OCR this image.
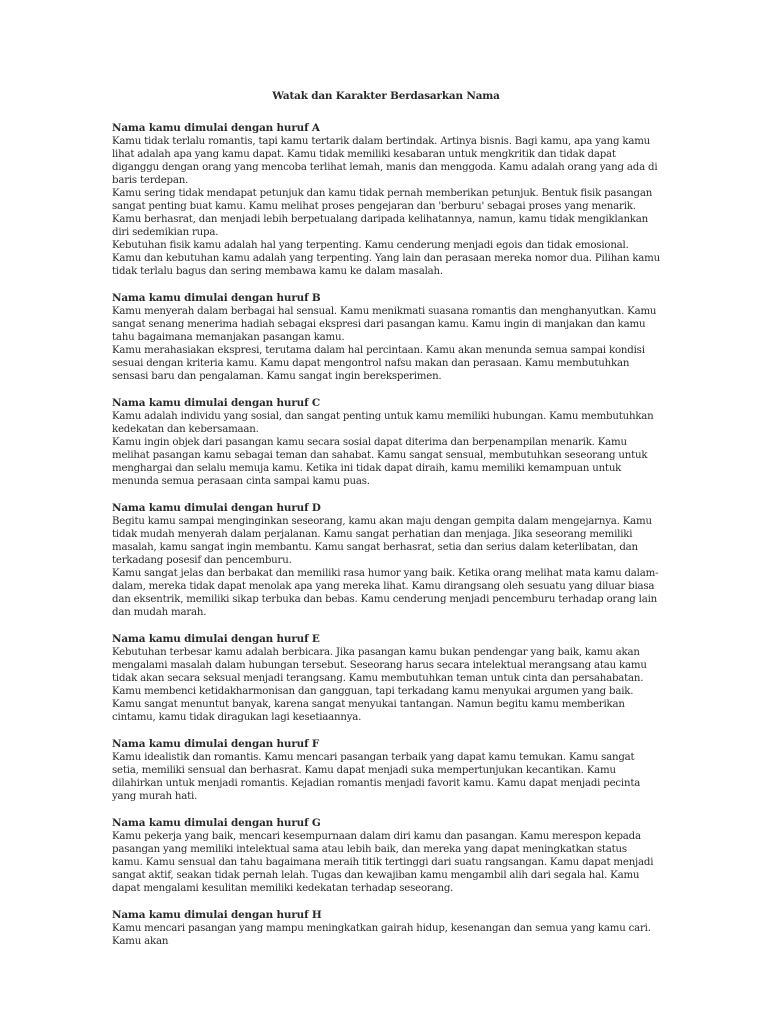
Watak dan Karakter Berdasarkan Nama

Nama kamu dimulai dengan huruf A

Kamu tidak terlalu romantis, tapi kamu tertarik dalam bertindak. Artinya bisnis. Bagi kamu, apa yang kamu lihat adalah apa yang kamu dapat. Kamu tidak memiliki kesabaran untuk mengkritik dan tidak dapat diganggu dengan orang yang mencoba terlihat lemah, manis dan menggoda. Kamu adalah orang yang ada di baris terdepan.

Kamu sering tidak mendapat petunjuk dan kamu tidak pernah memberikan petunjuk. Bentuk fisik pasangan sangat penting buat kamu. Kamu melihat proses pengejaran dan 'berburu' sebagai proses yang menarik. Kamu berhasrat, dan menjadi lebih berpetualang daripada kelihatannya, namun, kamu tidak mengiklankan diri sedemikian rupa.

Kebutuhan fisik kamu adalah hal yang terpenting. Kamu cenderung menjadi egois dan tidak emosional. Kamu dan kebutuhan kamu adalah yang terpenting. Yang lain dan perasaan mereka nomor dua. Pilihan kamu tidak terlalu bagus dan sering membawa kamu ke dalam masalah.

Nama kamu dimulai dengan huruf B

Kamu menyerah dalam berbagai hal sensual. Kamu menikmati suasana romantis dan menghanyutkan. Kamu sangat senang menerima hadiah sebagai ekspresi dari pasangan kamu. Kamu ingin di manjakan dan kamu tahu bagaimana memanjakan pasangan kamu.

Kamu merahasiakan ekspresi, terutama dalam hal percintaan. Kamu akan menunda semua sampai kondisi sesuai dengan kriteria kamu. Kamu dapat mengontrol nafsu makan dan perasaan. Kamu membutuhkan sensasi baru dan pengalaman. Kamu sangat ingin bereksperimen.

Nama kamu dimulai dengan huruf C

Kamu adalah individu yang sosial, dan sangat penting untuk kamu memiliki hubungan. Kamu membutuhkan kedekatan dan kebersamaan.

Kamu ingin objek dari pasangan kamu secara sosial dapat diterima dan berpenampilan menarik. Kamu melihat pasangan kamu sebagai teman dan sahabat. Kamu sangat sensual, membutuhkan seseorang untuk menghargai dan selalu memuja kamu. Ketika ini tidak dapat diraih, kamu memiliki kemampuan untuk menunda semua perasaan cinta sampai kamu puas.

Nama kamu dimulai dengan huruf D

Begitu kamu sampai menginginkan seseorang, kamu akan maju dengan gempita dalam mengejarnya. Kamu tidak mudah menyerah dalam perjalanan. Kamu sangat perhatian dan menjaga. Jika seseorang memiliki masalah, kamu sangat ingin membantu. Kamu sangat berhasrat, setia dan serius dalam keterlibatan, dan terkadang posesif dan pencemburu.

Kamu sangat jelas dan berbakat dan memiliki rasa humor yang baik. Ketika orang melihat mata kamu dalam-dalam, mereka tidak dapat menolak apa yang mereka lihat. Kamu dirangsang oleh sesuatu yang diluar biasa dan eksentrik, memiliki sikap terbuka dan bebas. Kamu cenderung menjadi pencemburu terhadap orang lain dan mudah marah.

Nama kamu dimulai dengan huruf E

Kebutuhan terbesar kamu adalah berbicara. Jika pasangan kamu bukan pendengar yang baik, kamu akan mengalami masalah dalam hubungan tersebut. Seseorang harus secara intelektual merangsang atau kamu tidak akan secara seksual menjadi terangsang. Kamu membutuhkan teman untuk cinta dan persahabatan. Kamu membenci ketidakharmonisan dan gangguan, tapi terkadang kamu menyukai argumen yang baik. Kamu sangat menuntut banyak, karena sangat menyukai tantangan. Namun begitu kamu memberikan cintamu, kamu tidak diragukan lagi kesetiaannya.

Nama kamu dimulai dengan huruf F

Kamu idealistik dan romantis. Kamu mencari pasangan terbaik yang dapat kamu temukan. Kamu sangat setia, memiliki sensual dan berhasrat. Kamu dapat menjadi suka mempertunjukan kecantikan. Kamu dilahirkan untuk menjadi romantis. Kejadian romantis menjadi favorit kamu. Kamu dapat menjadi pecinta yang murah hati.

Nama kamu dimulai dengan huruf G

Kamu pekerja yang baik, mencari kesempurnaan dalam diri kamu dan pasangan. Kamu merespon kepada pasangan yang memiliki intelektual sama atau lebih baik, dan mereka yang dapat meningkatkan status kamu. Kamu sensual dan tahu bagaimana meraih titik tertinggi dari suatu rangsangan. Kamu dapat menjadi sangat aktif, seakan tidak pernah lelah. Tugas dan kewajiban kamu mengambil alih dari segala hal. Kamu dapat mengalami kesulitan memiliki kedekatan terhadap seseorang.

Nama kamu dimulai dengan huruf H

Kamu mencari pasangan yang mampu meningkatkan gairah hidup, kesenangan dan semua yang kamu cari. Kamu akan
